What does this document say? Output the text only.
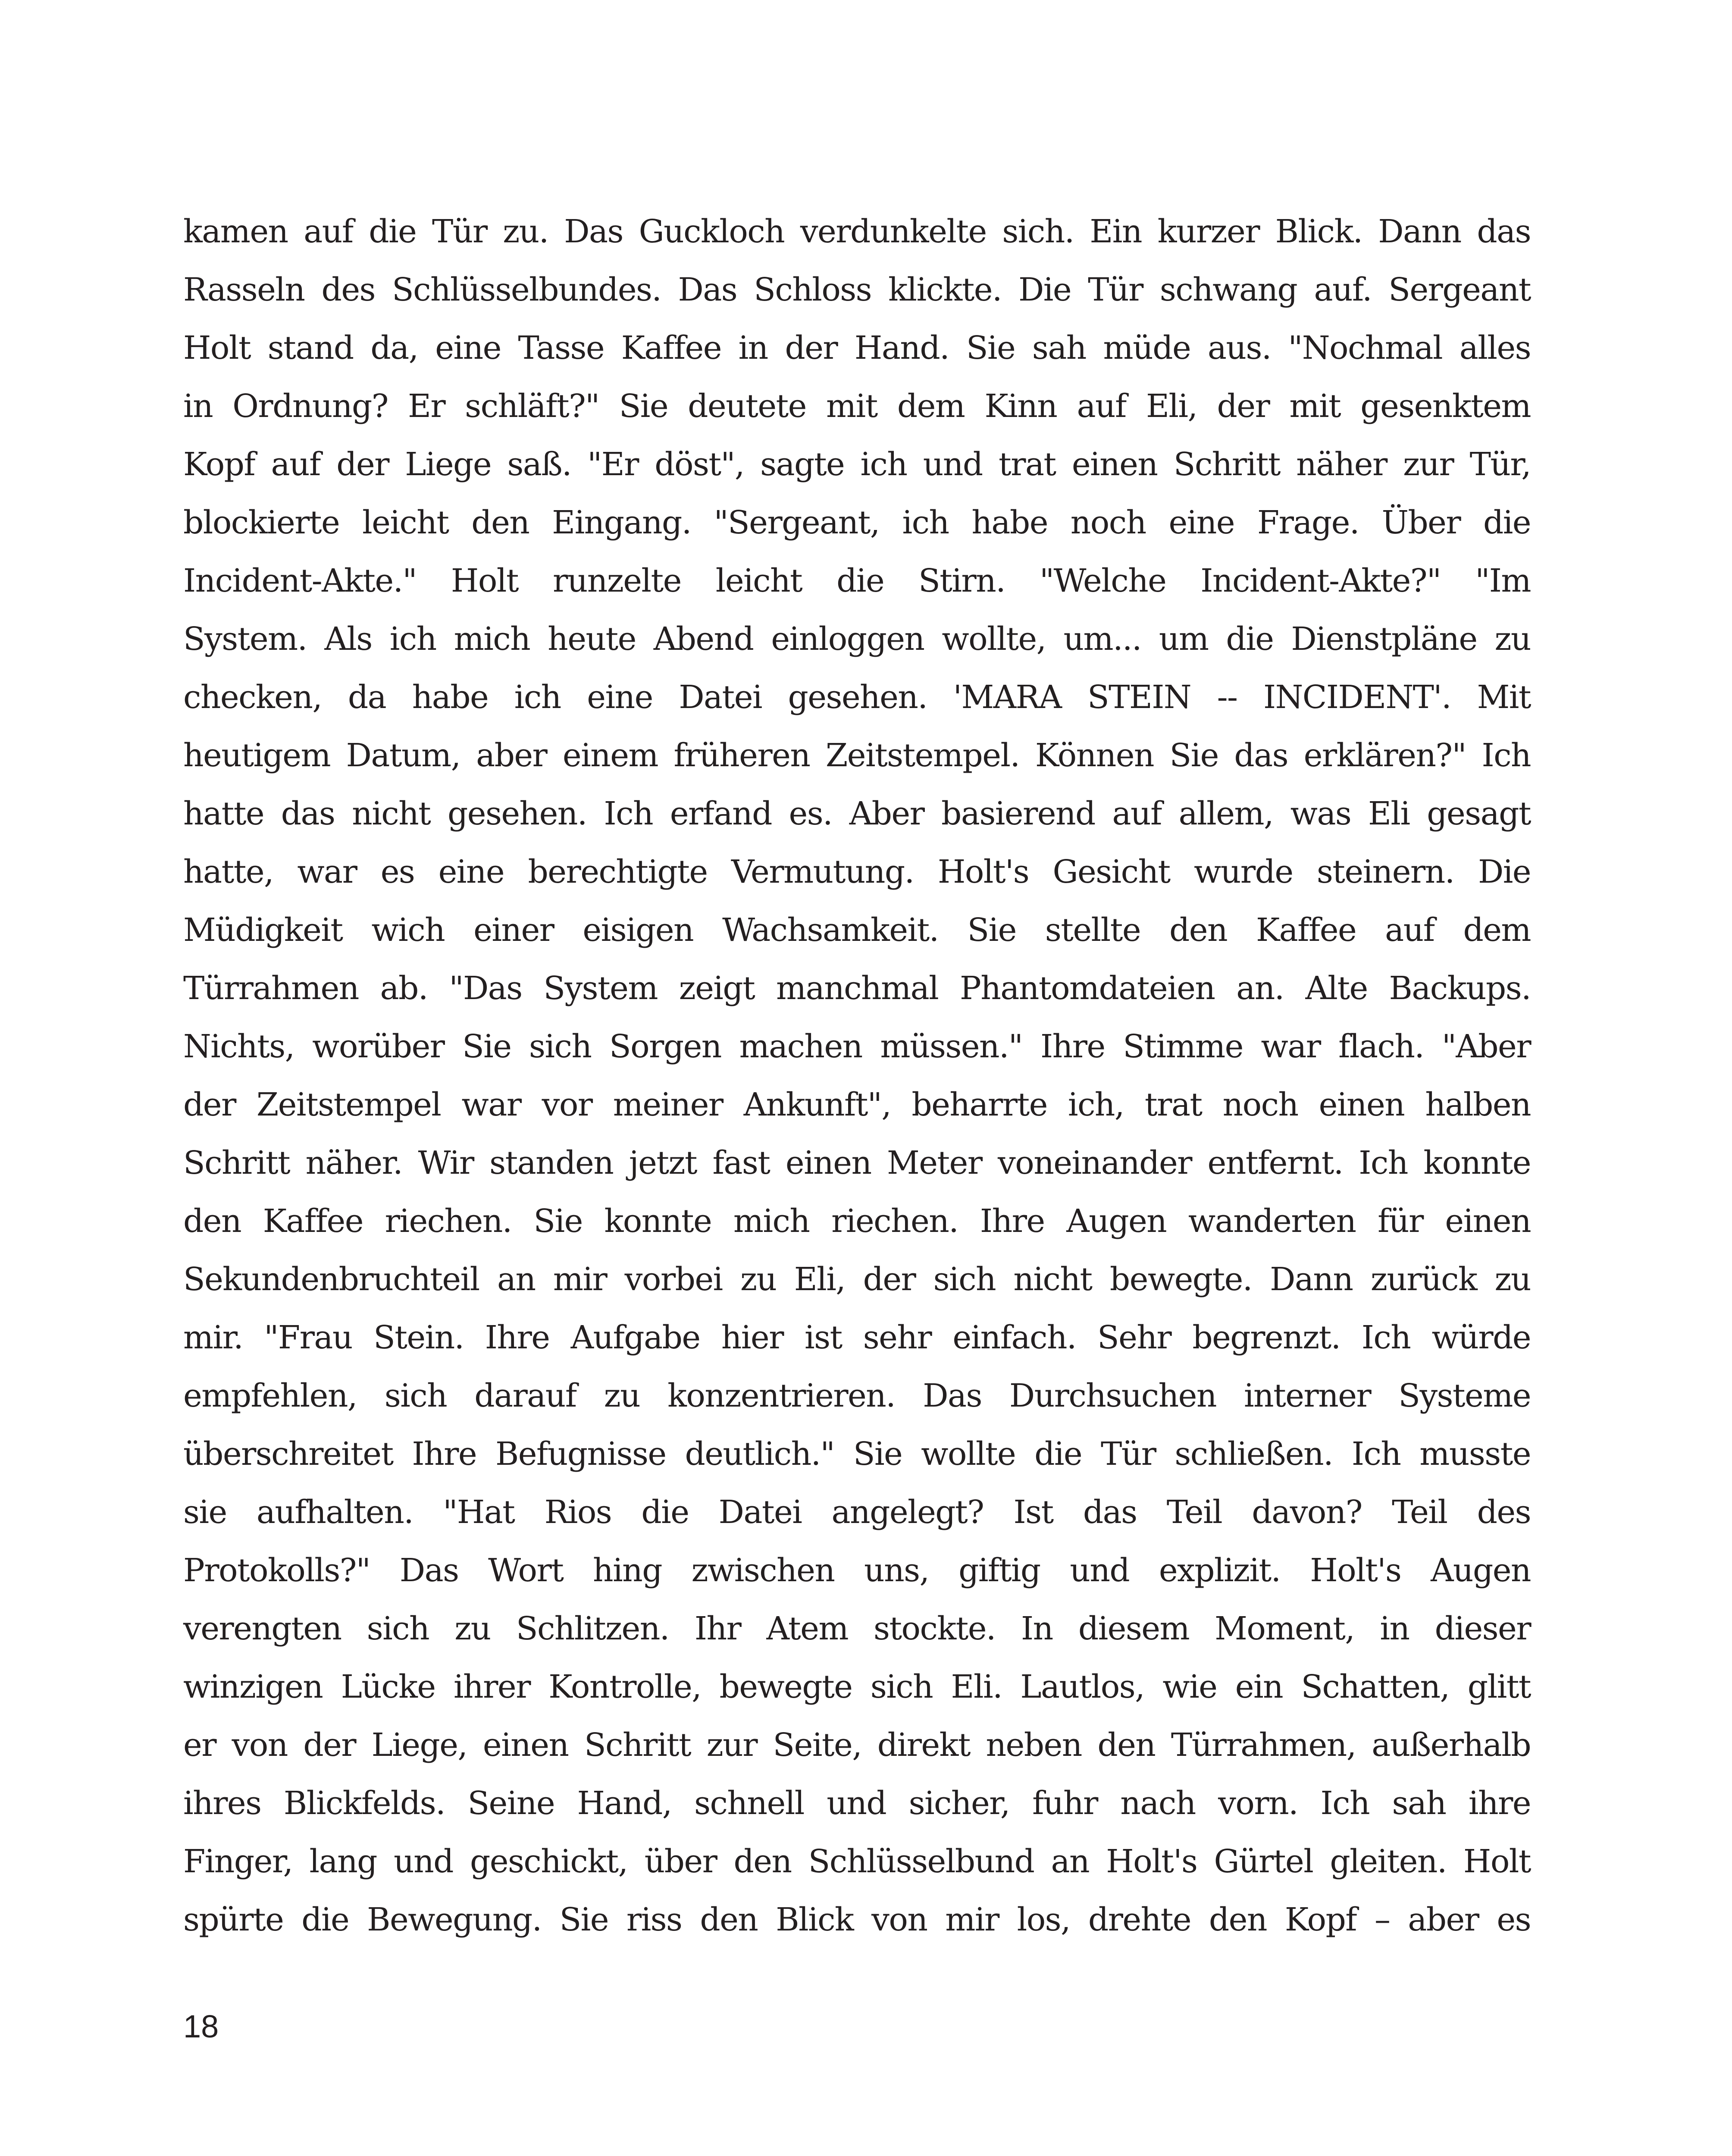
kamen auf die Tür zu. Das Guckloch verdunkelte sich. Ein kurzer Blick. Dann das
Rasseln des Schlüsselbundes. Das Schloss klickte. Die Tür schwang auf. Sergeant
Holt stand da, eine Tasse Kaffee in der Hand. Sie sah müde aus. "Nochmal alles
in Ordnung? Er schläft?" Sie deutete mit dem Kinn auf Eli, der mit gesenktem
Kopf auf der Liege saß. "Er döst", sagte ich und trat einen Schritt näher zur Tür,
blockierte leicht den Eingang. "Sergeant, ich habe noch eine Frage. Über die
Incident-Akte." Holt runzelte leicht die Stirn. "Welche Incident-Akte?" "Im
System. Als ich mich heute Abend einloggen wollte, um... um die Dienstpläne zu
checken, da habe ich eine Datei gesehen. 'MARA STEIN -- INCIDENT'. Mit
heutigem Datum, aber einem früheren Zeitstempel. Können Sie das erklären?" Ich
hatte das nicht gesehen. Ich erfand es. Aber basierend auf allem, was Eli gesagt
hatte, war es eine berechtigte Vermutung. Holt's Gesicht wurde steinern. Die
Müdigkeit wich einer eisigen Wachsamkeit. Sie stellte den Kaffee auf dem
Türrahmen ab. "Das System zeigt manchmal Phantomdateien an. Alte Backups.
Nichts, worüber Sie sich Sorgen machen müssen." Ihre Stimme war flach. "Aber
der Zeitstempel war vor meiner Ankunft", beharrte ich, trat noch einen halben
Schritt näher. Wir standen jetzt fast einen Meter voneinander entfernt. Ich konnte
den Kaffee riechen. Sie konnte mich riechen. Ihre Augen wanderten für einen
Sekundenbruchteil an mir vorbei zu Eli, der sich nicht bewegte. Dann zurück zu
mir. "Frau Stein. Ihre Aufgabe hier ist sehr einfach. Sehr begrenzt. Ich würde
empfehlen, sich darauf zu konzentrieren. Das Durchsuchen interner Systeme
überschreitet Ihre Befugnisse deutlich." Sie wollte die Tür schließen. Ich musste
sie aufhalten. "Hat Rios die Datei angelegt? Ist das Teil davon? Teil des
Protokolls?" Das Wort hing zwischen uns, giftig und explizit. Holt's Augen
verengten sich zu Schlitzen. Ihr Atem stockte. In diesem Moment, in dieser
winzigen Lücke ihrer Kontrolle, bewegte sich Eli. Lautlos, wie ein Schatten, glitt
er von der Liege, einen Schritt zur Seite, direkt neben den Türrahmen, außerhalb
ihres Blickfelds. Seine Hand, schnell und sicher, fuhr nach vorn. Ich sah ihre
Finger, lang und geschickt, über den Schlüsselbund an Holt's Gürtel gleiten. Holt
spürte die Bewegung. Sie riss den Blick von mir los, drehte den Kopf – aber es
18
